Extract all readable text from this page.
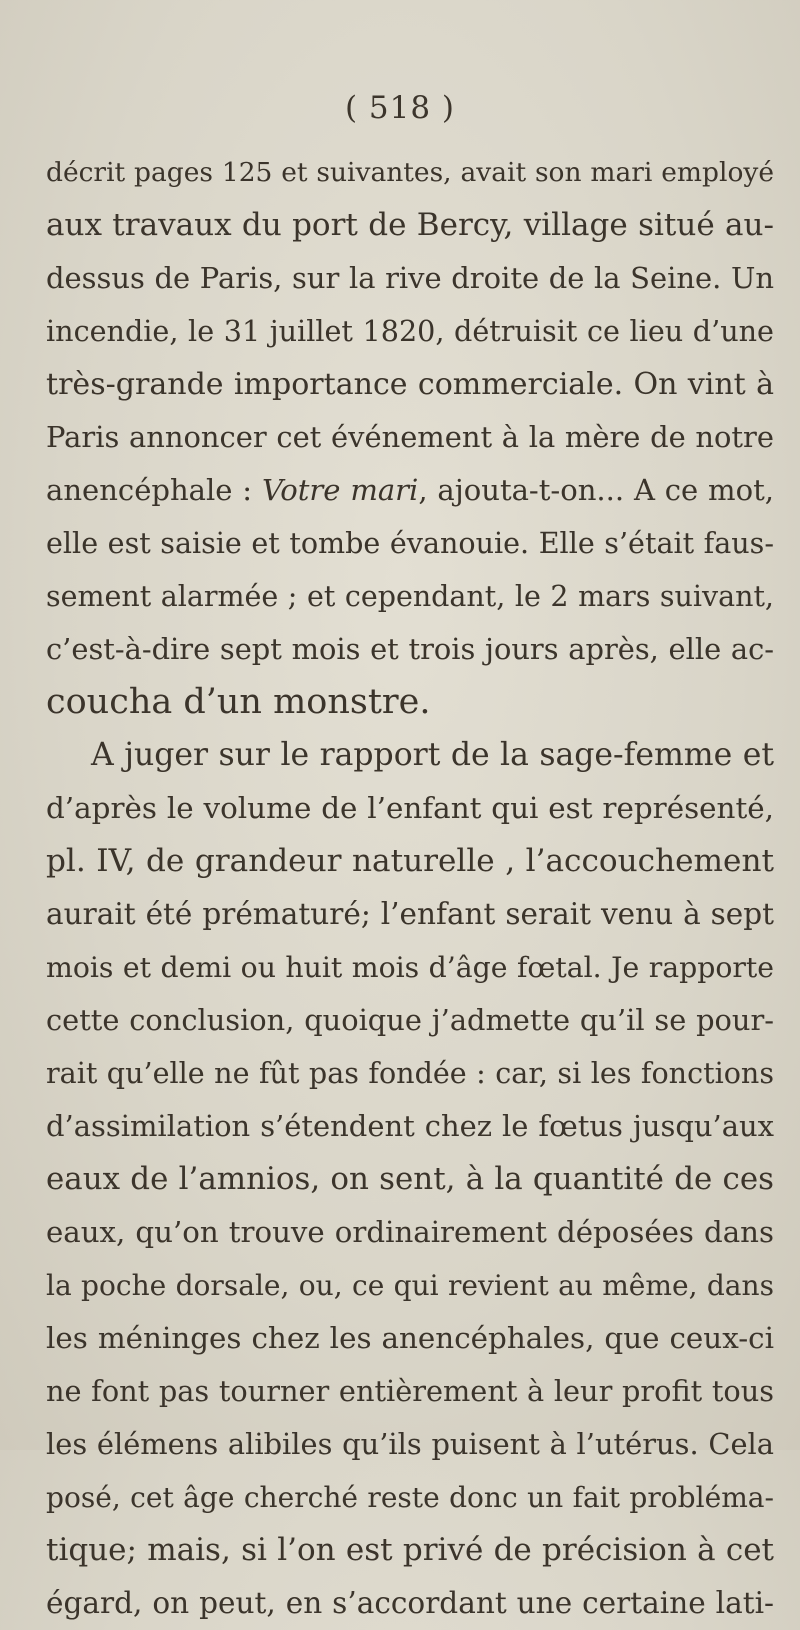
( 518 )
décrit pages 125 et suivantes, avait son mari employé
aux travaux du port de Bercy, village situé au-
dessus de Paris, sur la rive droite de la Seine. Un
incendie, le 31 juillet 1820, détruisit ce lieu d’une
très-grande importance commerciale. On vint à
Paris annoncer cet événement à la mère de notre
anencéphale : Votre mari, ajouta-t-on... A ce mot,
elle est saisie et tombe évanouie. Elle s’était faus-
sement alarmée ; et cependant, le 2 mars suivant,
c’est-à-dire sept mois et trois jours après, elle ac-
coucha d’un monstre.
A juger sur le rapport de la sage-femme et
d’après le volume de l’enfant qui est représenté,
pl. IV, de grandeur naturelle , l’accouchement
aurait été prématuré; l’enfant serait venu à sept
mois et demi ou huit mois d’âge fœtal. Je rapporte
cette conclusion, quoique j’admette qu’il se pour-
rait qu’elle ne fût pas fondée : car, si les fonctions
d’assimilation s’étendent chez le fœtus jusqu’aux
eaux de l’amnios, on sent, à la quantité de ces
eaux, qu’on trouve ordinairement déposées dans
la poche dorsale, ou, ce qui revient au même, dans
les méninges chez les anencéphales, que ceux-ci
ne font pas tourner entièrement à leur profit tous
les élémens alibiles qu’ils puisent à l’utérus. Cela
posé, cet âge cherché reste donc un fait probléma-
tique; mais, si l’on est privé de précision à cet
égard, on peut, en s’accordant une certaine lati-
